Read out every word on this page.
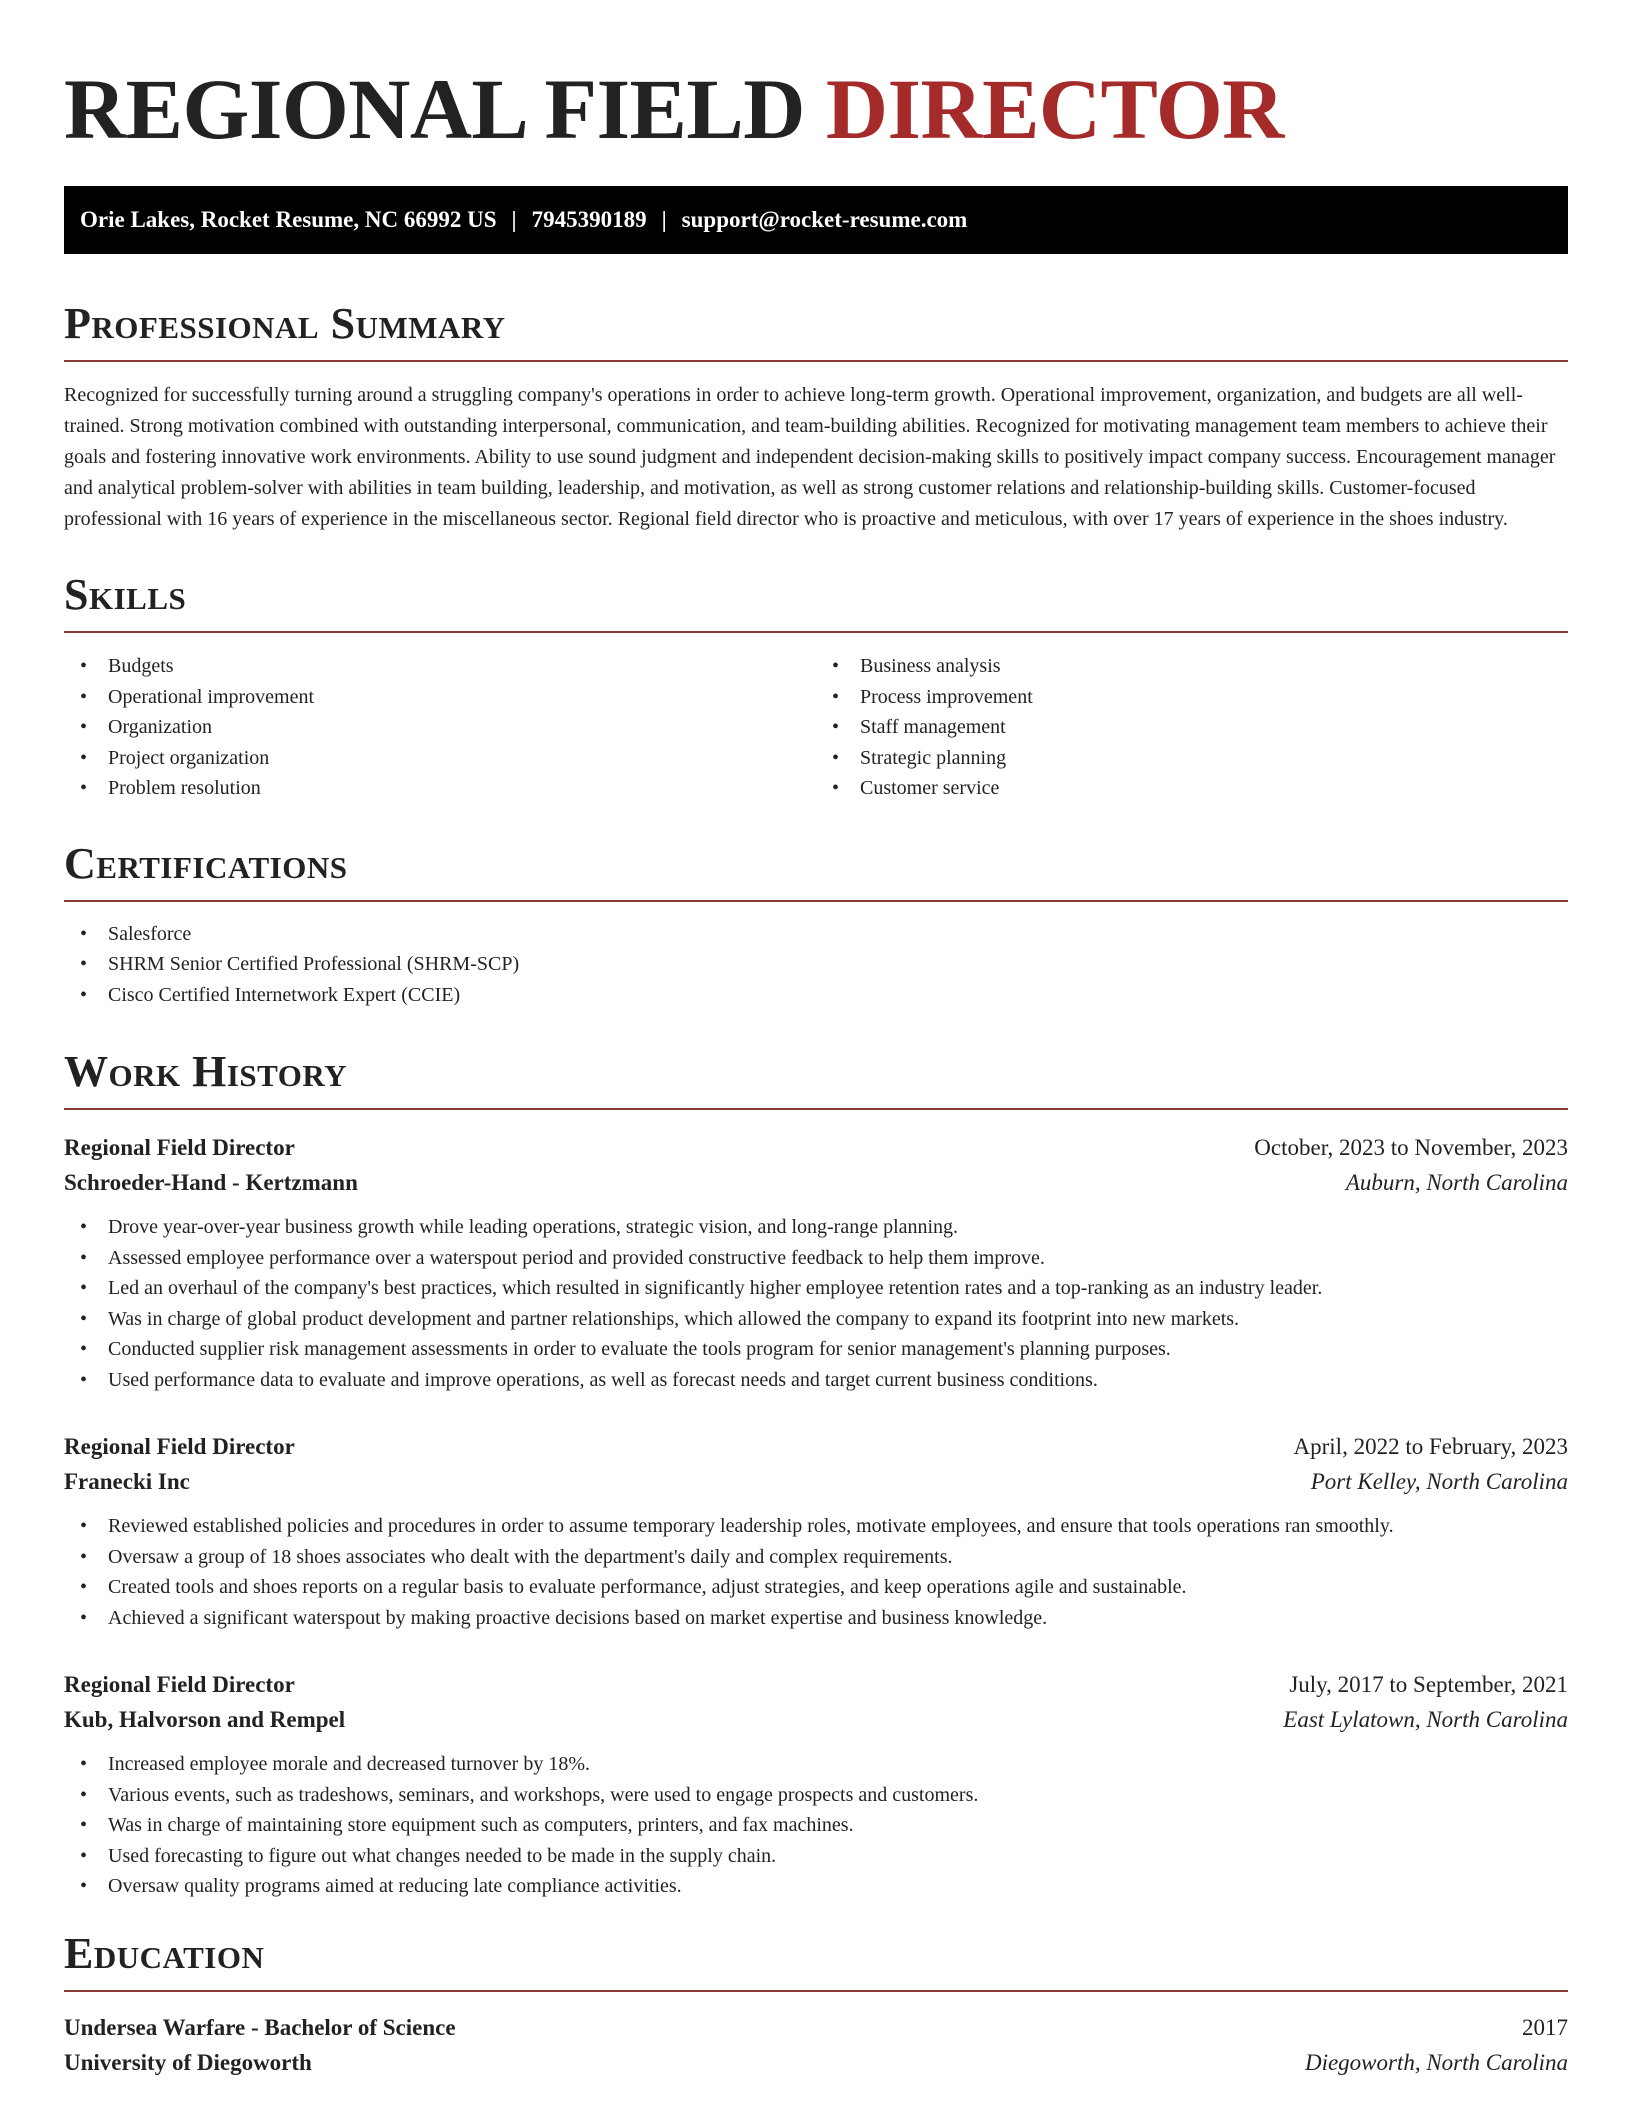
REGIONAL FIELD DIRECTOR
Orie Lakes, Rocket Resume, NC 66992 US | 7945390189 | support@rocket-resume.com
Professional Summary

Recognized for successfully turning around a struggling company's operations in order to achieve long-term growth. Operational improvement, organization, and budgets are all well-trained. Strong motivation combined with outstanding interpersonal, communication, and team-building abilities. Recognized for motivating management team members to achieve their goals and fostering innovative work environments. Ability to use sound judgment and independent decision-making skills to positively impact company success. Encouragement manager and analytical problem-solver with abilities in team building, leadership, and motivation, as well as strong customer relations and relationship-building skills. Customer-focused professional with 16 years of experience in the miscellaneous sector. Regional field director who is proactive and meticulous, with over 17 years of experience in the shoes industry.

Skills
• Budgets
• Operational improvement
• Organization
• Project organization
• Problem resolution
• Business analysis
• Process improvement
• Staff management
• Strategic planning
• Customer service
Certifications
• Salesforce
• SHRM Senior Certified Professional (SHRM-SCP)
• Cisco Certified Internetwork Expert (CCIE)
Work History
Regional Field Director	October, 2023 to November, 2023
Schroeder-Hand - Kertzmann	Auburn, North Carolina
• Drove year-over-year business growth while leading operations, strategic vision, and long-range planning.
• Assessed employee performance over a waterspout period and provided constructive feedback to help them improve.
• Led an overhaul of the company's best practices, which resulted in significantly higher employee retention rates and a top-ranking as an industry leader.
• Was in charge of global product development and partner relationships, which allowed the company to expand its footprint into new markets.
• Conducted supplier risk management assessments in order to evaluate the tools program for senior management's planning purposes.
• Used performance data to evaluate and improve operations, as well as forecast needs and target current business conditions.
Regional Field Director	April, 2022 to February, 2023
Franecki Inc	Port Kelley, North Carolina
• Reviewed established policies and procedures in order to assume temporary leadership roles, motivate employees, and ensure that tools operations ran smoothly.
• Oversaw a group of 18 shoes associates who dealt with the department's daily and complex requirements.
• Created tools and shoes reports on a regular basis to evaluate performance, adjust strategies, and keep operations agile and sustainable.
• Achieved a significant waterspout by making proactive decisions based on market expertise and business knowledge.
Regional Field Director	July, 2017 to September, 2021
Kub, Halvorson and Rempel	East Lylatown, North Carolina
• Increased employee morale and decreased turnover by 18%.
• Various events, such as tradeshows, seminars, and workshops, were used to engage prospects and customers.
• Was in charge of maintaining store equipment such as computers, printers, and fax machines.
• Used forecasting to figure out what changes needed to be made in the supply chain.
• Oversaw quality programs aimed at reducing late compliance activities.
Education
Undersea Warfare - Bachelor of Science	2017
University of Diegoworth	Diegoworth, North Carolina
